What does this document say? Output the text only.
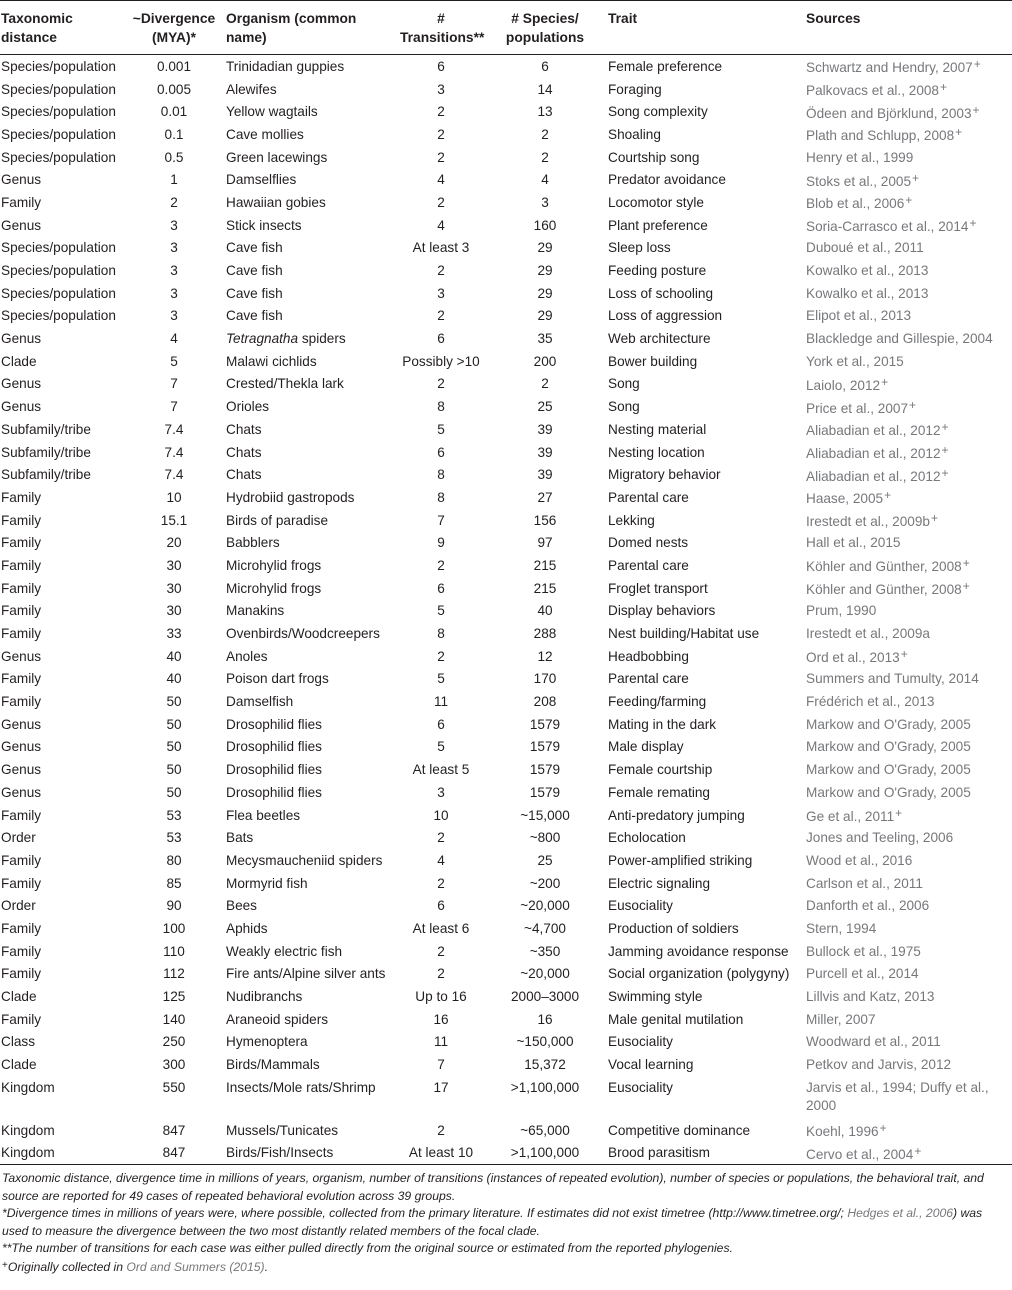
Taxonomic distance	~Divergence (MYA)*	Organism (common name)	# Transitions**	# Species/ populations	Trait	Sources
Species/population	0.001	Trinidadian guppies	6	6	Female preference	Schwartz and Hendry, 2007+
Species/population	0.005	Alewifes	3	14	Foraging	Palkovacs et al., 2008+
Species/population	0.01	Yellow wagtails	2	13	Song complexity	Ödeen and Björklund, 2003+
Species/population	0.1	Cave mollies	2	2	Shoaling	Plath and Schlupp, 2008+
Species/population	0.5	Green lacewings	2	2	Courtship song	Henry et al., 1999
Genus	1	Damselflies	4	4	Predator avoidance	Stoks et al., 2005+
Family	2	Hawaiian gobies	2	3	Locomotor style	Blob et al., 2006+
Genus	3	Stick insects	4	160	Plant preference	Soria-Carrasco et al., 2014+
Species/population	3	Cave fish	At least 3	29	Sleep loss	Duboué et al., 2011
Species/population	3	Cave fish	2	29	Feeding posture	Kowalko et al., 2013
Species/population	3	Cave fish	3	29	Loss of schooling	Kowalko et al., 2013
Species/population	3	Cave fish	2	29	Loss of aggression	Elipot et al., 2013
Genus	4	Tetragnatha spiders	6	35	Web architecture	Blackledge and Gillespie, 2004
Clade	5	Malawi cichlids	Possibly >10	200	Bower building	York et al., 2015
Genus	7	Crested/Thekla lark	2	2	Song	Laiolo, 2012+
Genus	7	Orioles	8	25	Song	Price et al., 2007+
Subfamily/tribe	7.4	Chats	5	39	Nesting material	Aliabadian et al., 2012+
Subfamily/tribe	7.4	Chats	6	39	Nesting location	Aliabadian et al., 2012+
Subfamily/tribe	7.4	Chats	8	39	Migratory behavior	Aliabadian et al., 2012+
Family	10	Hydrobiid gastropods	8	27	Parental care	Haase, 2005+
Family	15.1	Birds of paradise	7	156	Lekking	Irestedt et al., 2009b+
Family	20	Babblers	9	97	Domed nests	Hall et al., 2015
Family	30	Microhylid frogs	2	215	Parental care	Köhler and Günther, 2008+
Family	30	Microhylid frogs	6	215	Froglet transport	Köhler and Günther, 2008+
Family	30	Manakins	5	40	Display behaviors	Prum, 1990
Family	33	Ovenbirds/Woodcreepers	8	288	Nest building/Habitat use	Irestedt et al., 2009a
Genus	40	Anoles	2	12	Headbobbing	Ord et al., 2013+
Family	40	Poison dart frogs	5	170	Parental care	Summers and Tumulty, 2014
Family	50	Damselfish	11	208	Feeding/farming	Frédérich et al., 2013
Genus	50	Drosophilid flies	6	1579	Mating in the dark	Markow and O'Grady, 2005
Genus	50	Drosophilid flies	5	1579	Male display	Markow and O'Grady, 2005
Genus	50	Drosophilid flies	At least 5	1579	Female courtship	Markow and O'Grady, 2005
Genus	50	Drosophilid flies	3	1579	Female remating	Markow and O'Grady, 2005
Family	53	Flea beetles	10	~15,000	Anti-predatory jumping	Ge et al., 2011+
Order	53	Bats	2	~800	Echolocation	Jones and Teeling, 2006
Family	80	Mecysmaucheniid spiders	4	25	Power-amplified striking	Wood et al., 2016
Family	85	Mormyrid fish	2	~200	Electric signaling	Carlson et al., 2011
Order	90	Bees	6	~20,000	Eusociality	Danforth et al., 2006
Family	100	Aphids	At least 6	~4,700	Production of soldiers	Stern, 1994
Family	110	Weakly electric fish	2	~350	Jamming avoidance response	Bullock et al., 1975
Family	112	Fire ants/Alpine silver ants	2	~20,000	Social organization (polygyny)	Purcell et al., 2014
Clade	125	Nudibranchs	Up to 16	2000–3000	Swimming style	Lillvis and Katz, 2013
Family	140	Araneoid spiders	16	16	Male genital mutilation	Miller, 2007
Class	250	Hymenoptera	11	~150,000	Eusociality	Woodward et al., 2011
Clade	300	Birds/Mammals	7	15,372	Vocal learning	Petkov and Jarvis, 2012
Kingdom	550	Insects/Mole rats/Shrimp	17	>1,100,000	Eusociality	Jarvis et al., 1994; Duffy et al., 2000
Kingdom	847	Mussels/Tunicates	2	~65,000	Competitive dominance	Koehl, 1996+
Kingdom	847	Birds/Fish/Insects	At least 10	>1,100,000	Brood parasitism	Cervo et al., 2004+

Taxonomic distance, divergence time in millions of years, organism, number of transitions (instances of repeated evolution), number of species or populations, the behavioral trait, and source are reported for 49 cases of repeated behavioral evolution across 39 groups.

*Divergence times in millions of years were, where possible, collected from the primary literature. If estimates did not exist timetree (http://www.timetree.org/; Hedges et al., 2006) was used to measure the divergence between the two most distantly related members of the focal clade.

**The number of transitions for each case was either pulled directly from the original source or estimated from the reported phylogenies.

+Originally collected in Ord and Summers (2015).
